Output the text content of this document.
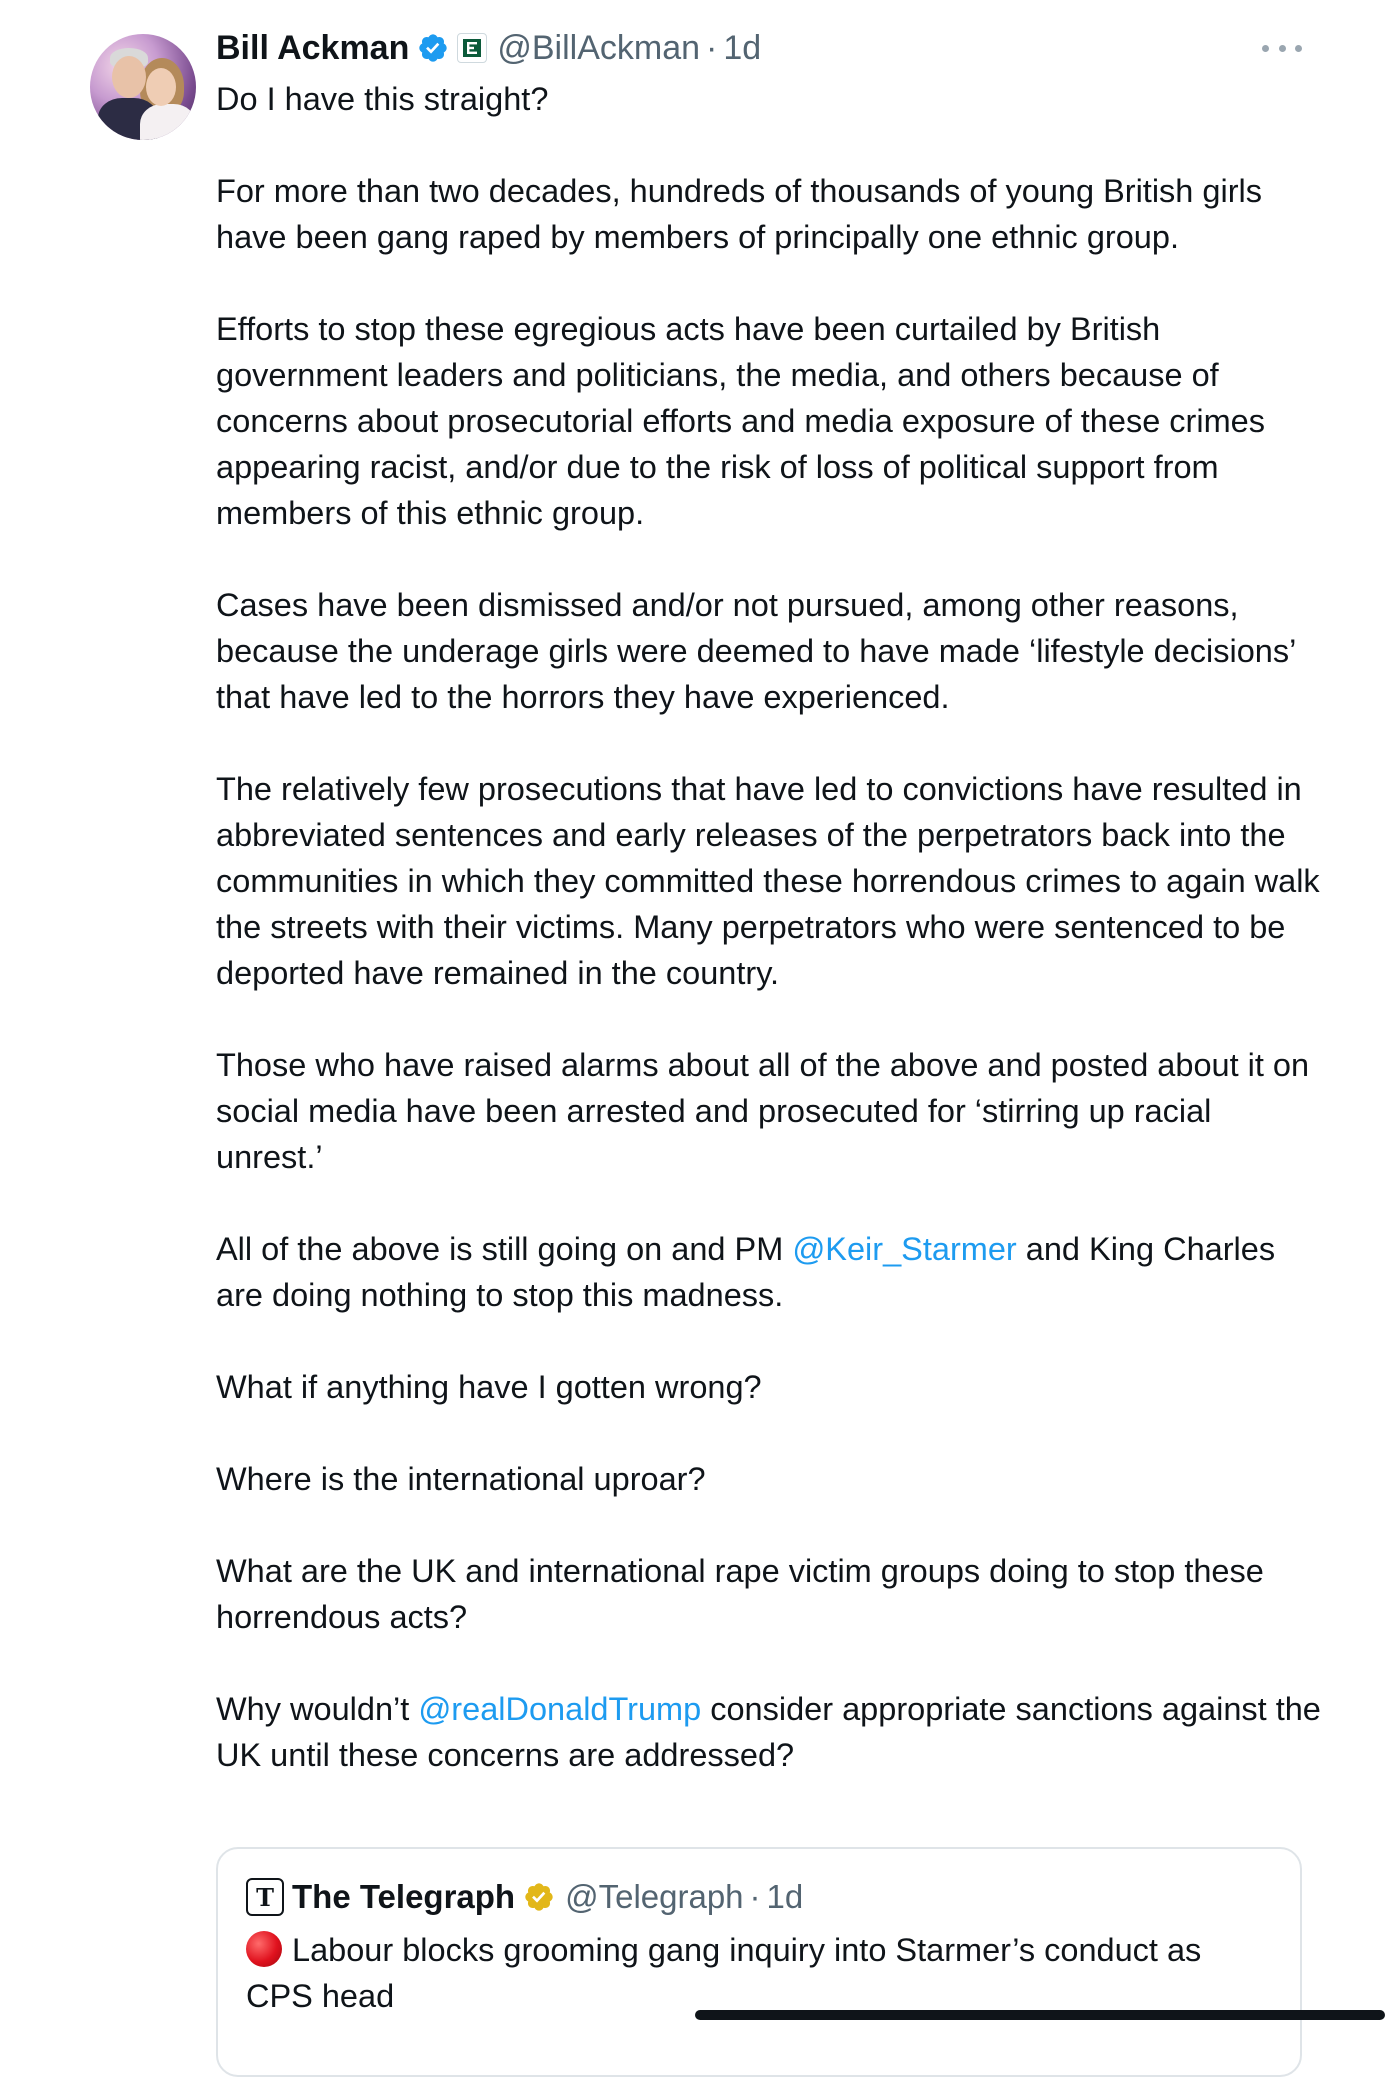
Bill Ackman	@BillAckman · 1d

Do I have this straight?

For more than two decades, hundreds of thousands of young British girls have been gang raped by members of principally one ethnic group.

Efforts to stop these egregious acts have been curtailed by British government leaders and politicians, the media, and others because of concerns about prosecutorial efforts and media exposure of these crimes appearing racist, and/or due to the risk of loss of political support from members of this ethnic group.

Cases have been dismissed and/or not pursued, among other reasons, because the underage girls were deemed to have made ‘lifestyle decisions’ that have led to the horrors they have experienced.

The relatively few prosecutions that have led to convictions have resulted in abbreviated sentences and early releases of the perpetrators back into the communities in which they committed these horrendous crimes to again walk the streets with their victims. Many perpetrators who were sentenced to be deported have remained in the country.

Those who have raised alarms about all of the above and posted about it on social media have been arrested and prosecuted for ‘stirring up racial unrest.’

All of the above is still going on and PM @Keir_Starmer and King Charles are doing nothing to stop this madness.

What if anything have I gotten wrong?

Where is the international uproar?

What are the UK and international rape victim groups doing to stop these horrendous acts?

Why wouldn’t @realDonaldTrump consider appropriate sanctions against the UK until these concerns are addressed?

T The Telegraph @Telegraph · 1d
Labour blocks grooming gang inquiry into Starmer’s conduct as CPS head
